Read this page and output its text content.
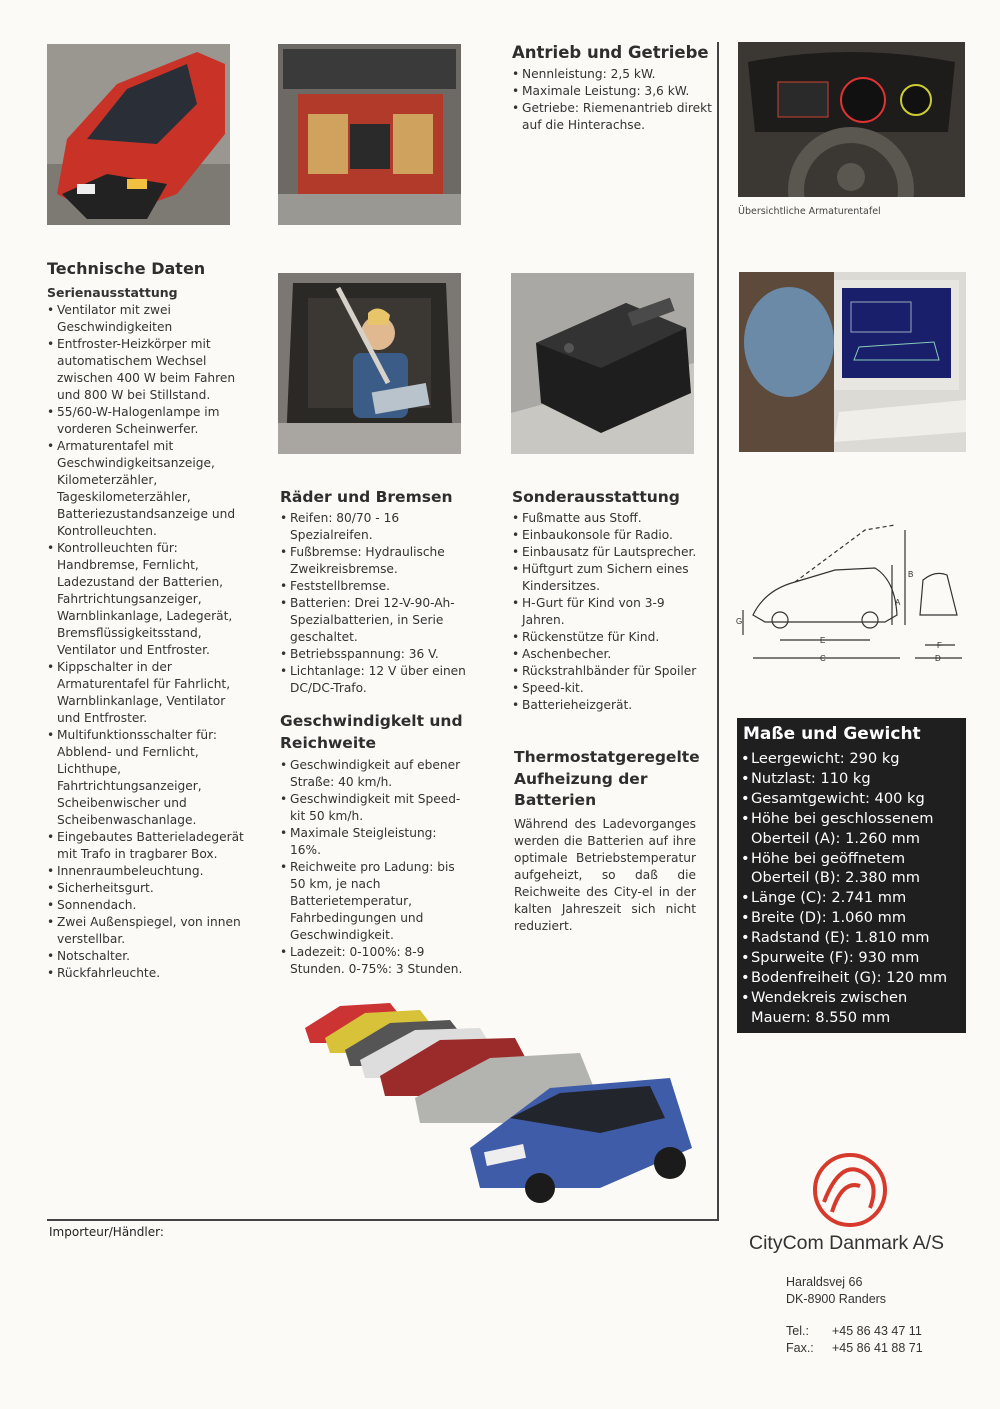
Antrieb und Getriebe
• Nennleistung: 2,5 kW.
• Maximale Leistung: 3,6 kW.
• Getriebe: Riemenantrieb direkt auf die Hinterachse.
Übersichtliche Armaturentafel
Technische Daten
Serienausstattung
• Ventilator mit zwei Geschwindigkeiten
• Entfroster-Heizkörper mit automatischem Wechsel zwischen 400 W beim Fahren und 800 W bei Stillstand.
• 55/60-W-Halogenlampe im vorderen Scheinwerfer.
• Armaturentafel mit Geschwindigkeitsanzeige, Kilometerzähler, Tageskilometerzähler, Batteriezustandsanzeige und Kontrolleuchten.
• Kontrolleuchten für: Handbremse, Fernlicht, Ladezustand der Batterien, Fahrtrichtungsanzeiger, Warnblinkanlage, Ladegerät, Bremsflüssigkeitsstand, Ventilator und Entfroster.
• Kippschalter in der Armaturentafel für Fahrlicht, Warnblinkanlage, Ventilator und Entfroster.
• Multifunktionsschalter für: Abblend- und Fernlicht, Lichthupe, Fahrtrichtungsanzeiger, Scheibenwischer und Scheibenwaschanlage.
• Eingebautes Batterieladegerät mit Trafo in tragbarer Box.
• Innenraumbeleuchtung.
• Sicherheitsgurt.
• Sonnendach.
• Zwei Außenspiegel, von innen verstellbar.
• Notschalter.
• Rückfahrleuchte.
Räder und Bremsen
• Reifen: 80/70 - 16 Spezialreifen.
• Fußbremse: Hydraulische Zweikreisbremse.
• Feststellbremse.
• Batterien: Drei 12-V-90-Ah-Spezialbatterien, in Serie geschaltet.
• Betriebsspannung: 36 V.
• Lichtanlage: 12 V über einen DC/DC-Trafo.
Geschwindigkelt und Reichweite
• Geschwindigkeit auf ebener Straße: 40 km/h.
• Geschwindigkeit mit Speed-kit 50 km/h.
• Maximale Steigleistung: 16%.
• Reichweite pro Ladung: bis 50 km, je nach Batterietemperatur, Fahrbedingungen und Geschwindigkeit.
• Ladezeit: 0-100%: 8-9 Stunden. 0-75%: 3 Stunden.
Sonderausstattung
• Fußmatte aus Stoff.
• Einbaukonsole für Radio.
• Einbausatz für Lautsprecher.
• Hüftgurt zum Sichern eines Kindersitzes.
• H-Gurt für Kind von 3-9 Jahren.
• Rückenstütze für Kind.
• Aschenbecher.
• Rückstrahlbänder für Spoiler
• Speed-kit.
• Batterieheizgerät.
Thermostatgeregelte Aufheizung der Batterien

Während des Ladevorganges werden die Batterien auf ihre optimale Betriebstemperatur aufgeheizt, so daß die Reichweite des City-el in der kalten Jahreszeit sich nicht reduziert.

A
B
C	D
E
F
G
Maße und Gewicht
• Leergewicht: 290 kg
• Nutzlast: 110 kg
• Gesamtgewicht: 400 kg
• Höhe bei geschlossenem Oberteil (A): 1.260 mm
• Höhe bei geöffnetem Oberteil (B): 2.380 mm
• Länge (C): 2.741 mm
• Breite (D): 1.060 mm
• Radstand (E): 1.810 mm
• Spurweite (F): 930 mm
• Bodenfreiheit (G): 120 mm
• Wendekreis zwischen Mauern: 8.550 mm
Importeur/Händler:	CityCom Danmark A/S
Haraldsvej 66
DK-8900 Randers
Tel.: +45 86 43 47 11
Fax.: +45 86 41 88 71
